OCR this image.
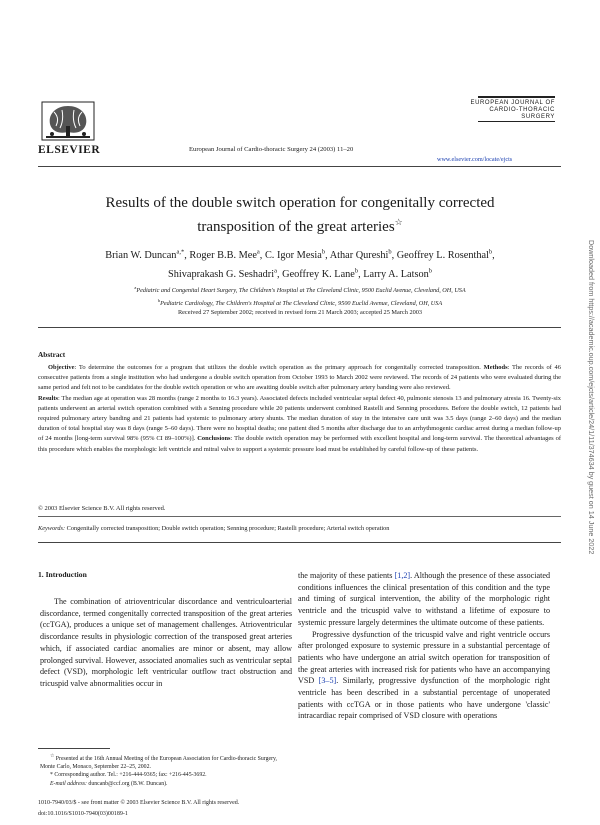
ELSEVIER	European Journal of Cardio-thoracic Surgery 24 (2003) 11–20
EUROPEAN JOURNAL OF
CARDIO-THORACIC
SURGERY
www.elsevier.com/locate/ejcts
Results of the double switch operation for congenitally corrected
transposition of the great arteries☆
Brian W. Duncan$^{a,*}$, Roger B.B. Mee$^a$, C. Igor Mesia$^b$, Athar Qureshi$^b$, Geoffrey L. Rosenthal$^b$,
Shivaprakash G. Seshadri$^a$, Geoffrey K. Lane$^b$, Larry A. Latson$^b$
$^a$Pediatric and Congenital Heart Surgery, The Children's Hospital at The Cleveland Clinic, 9500 Euclid Avenue, Cleveland, OH, USA
$^b$Pediatric Cardiology, The Children's Hospital at The Cleveland Clinic, 9500 Euclid Avenue, Cleveland, OH, USA
Received 27 September 2002; received in revised form 21 March 2003; accepted 25 March 2003
Abstract

Objective: To determine the outcomes for a program that utilizes the double switch operation as the primary approach for congenitally corrected transposition. Methods: The records of 46 consecutive patients from a single institution who had undergone a double switch operation from October 1993 to March 2002 were reviewed. The records of 24 patients who were evaluated during the same period and felt not to be candidates for the double switch operation or who are awaiting double switch after pulmonary artery banding were also reviewed.

Results: The median age at operation was 28 months (range 2 months to 16.3 years). Associated defects included ventricular septal defect 40, pulmonic stenosis 13 and pulmonary atresia 16. Twenty-six patients underwent an arterial switch operation combined with a Senning procedure while 20 patients underwent combined Rastelli and Senning procedures. Before the double switch, 12 patients had required pulmonary artery banding and 21 patients had systemic to pulmonary artery shunts. The median duration of stay in the intensive care unit was 3.5 days (range 2–60 days) and the median duration of total hospital stay was 8 days (range 5–60 days). There were no hospital deaths; one patient died 5 months after discharge due to an arrhythmogenic cardiac arrest during a median follow-up of 24 months [long-term survival 98% (95% CI 89–100%)]. Conclusions: The double switch operation may be performed with excellent hospital and long-term survival. The theoretical advantages of this procedure which enables the morphologic left ventricle and mitral valve to support a systemic pressure load must be established by careful follow-up of these patients.

© 2003 Elsevier Science B.V. All rights reserved.
Keywords: Congenitally corrected transposition; Double switch operation; Senning procedure; Rastelli procedure; Arterial switch operation
1. Introduction

The combination of atrioventricular discordance and ventriculoarterial discordance, termed congenitally corrected transposition of the great arteries (ccTGA), produces a unique set of management challenges. Atrioventricular discordance results in physiologic correction of the transposed great arteries which, if associated cardiac anomalies are minor or absent, may allow prolonged survival. However, associated anomalies such as ventricular septal defect (VSD), morphologic left ventricular outflow tract obstruction and tricuspid valve abnormalities occur in

the majority of these patients [1,2]. Although the presence of these associated conditions influences the clinical presentation of this condition and the type and timing of surgical intervention, the ability of the morphologic right ventricle and the tricuspid valve to withstand a lifetime of exposure to systemic pressure largely determines the ultimate outcome of these patients.

Progressive dysfunction of the tricuspid valve and right ventricle occurs after prolonged exposure to systemic pressure in a substantial percentage of patients who have undergone an atrial switch operation for transposition of the great arteries with increased risk for patients who have an accompanying VSD [3–5]. Similarly, progressive dysfunction of the morphologic right ventricle has been described in a substantial percentage of unoperated patients with ccTGA or in those patients who have undergone 'classic' intracardiac repair comprised of VSD closure with operations

☆ Presented at the 16th Annual Meeting of the European Association for Cardio-thoracic Surgery, Monte Carlo, Monaco, September 22–25, 2002.

* Corresponding author. Tel.: +216-444-9365; fax: +216-445-3692.

E-mail address: duncanb@ccf.org (B.W. Duncan).

1010-7940/03/$ - see front matter © 2003 Elsevier Science B.V. All rights reserved.
doi:10.1016/S1010-7940(03)00189-1
Downloaded from https://academic.oup.com/ejcts/article/24/1/11/374634 by guest on 14 June 2022
